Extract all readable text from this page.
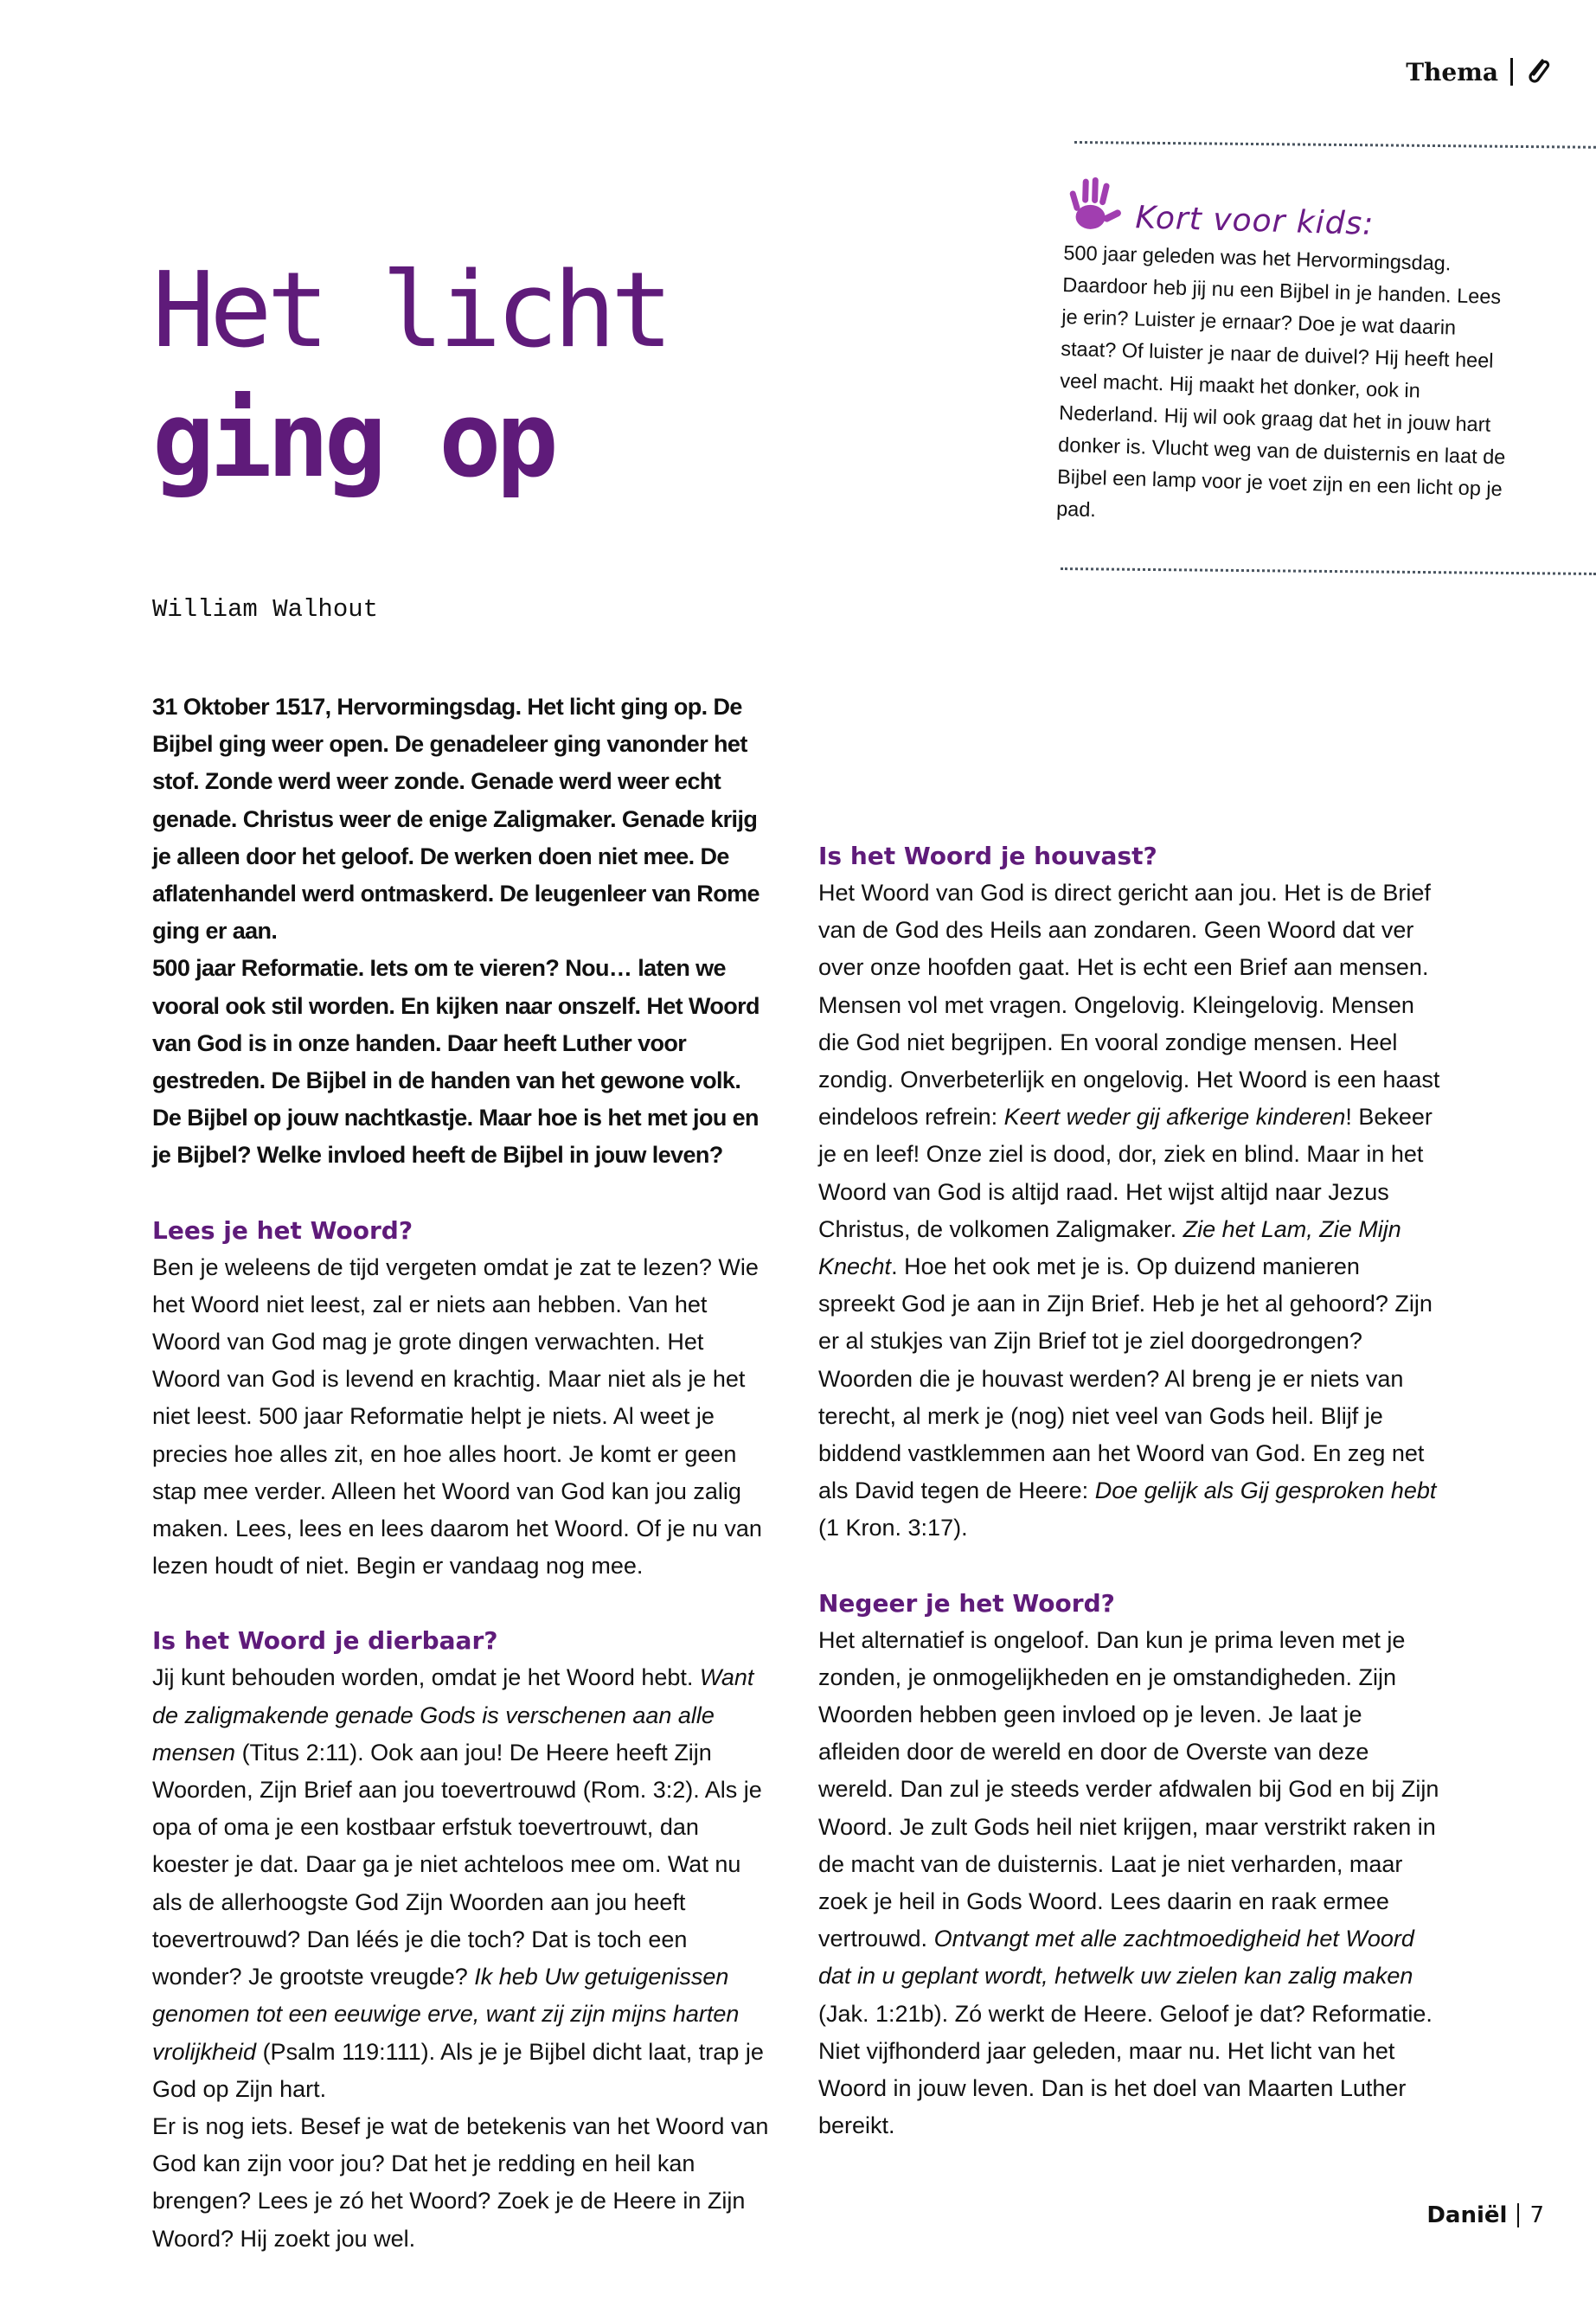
Thema
Het licht
ging op
William Walhout
Kort voor kids:

500 jaar geleden was het Hervormingsdag. Daardoor heb jij nu een Bijbel in je handen. Lees je erin? Luister je ernaar? Doe je wat daarin staat? Of luister je naar de duivel? Hij heeft heel veel macht. Hij maakt het donker, ook in Nederland. Hij wil ook graag dat het in jouw hart donker is. Vlucht weg van de duisternis en laat de Bijbel een lamp voor je voet zijn en een licht op je pad.

31 Oktober 1517, Hervormingsdag. Het licht ging op. De Bijbel ging weer open. De genadeleer ging vanonder het stof. Zonde werd weer zonde. Genade werd weer echt genade. Christus weer de enige Zaligmaker. Genade krijg je alleen door het geloof. De werken doen niet mee. De aflatenhandel werd ontmaskerd. De leugenleer van Rome ging er aan.

500 jaar Reformatie. Iets om te vieren? Nou… laten we vooral ook stil worden. En kijken naar onszelf. Het Woord van God is in onze handen. Daar heeft Luther voor gestreden. De Bijbel in de handen van het gewone volk. De Bijbel op jouw nachtkastje. Maar hoe is het met jou en je Bijbel? Welke invloed heeft de Bijbel in jouw leven?

Lees je het Woord?

Ben je weleens de tijd vergeten omdat je zat te lezen? Wie het Woord niet leest, zal er niets aan hebben. Van het Woord van God mag je grote dingen verwachten. Het Woord van God is levend en krachtig. Maar niet als je het niet leest. 500 jaar Reformatie helpt je niets. Al weet je precies hoe alles zit, en hoe alles hoort. Je komt er geen stap mee verder. Alleen het Woord van God kan jou zalig maken. Lees, lees en lees daarom het Woord. Of je nu van lezen houdt of niet. Begin er vandaag nog mee.

Is het Woord je dierbaar?

Jij kunt behouden worden, omdat je het Woord hebt. Want de zaligmakende genade Gods is verschenen aan alle mensen (Titus 2:11). Ook aan jou! De Heere heeft Zijn Woorden, Zijn Brief aan jou toevertrouwd (Rom. 3:2). Als je opa of oma je een kostbaar erfstuk toevertrouwt, dan koester je dat. Daar ga je niet achteloos mee om. Wat nu als de allerhoogste God Zijn Woorden aan jou heeft toevertrouwd? Dan léés je die toch? Dat is toch een wonder? Je grootste vreugde? Ik heb Uw getuigenissen genomen tot een eeuwige erve, want zij zijn mijns harten vrolijkheid (Psalm 119:111). Als je je Bijbel dicht laat, trap je God op Zijn hart.

Er is nog iets. Besef je wat de betekenis van het Woord van God kan zijn voor jou? Dat het je redding en heil kan brengen? Lees je zó het Woord? Zoek je de Heere in Zijn Woord? Hij zoekt jou wel.

Daniël 7
Is het Woord je houvast?

Het Woord van God is direct gericht aan jou. Het is de Brief van de God des Heils aan zondaren. Geen Woord dat ver over onze hoofden gaat. Het is echt een Brief aan mensen. Mensen vol met vragen. Ongelovig. Kleingelovig. Mensen die God niet begrijpen. En vooral zondige mensen. Heel zondig. Onverbeterlijk en ongelovig. Het Woord is een haast eindeloos refrein: Keert weder gij afkerige kinderen! Bekeer je en leef! Onze ziel is dood, dor, ziek en blind. Maar in het Woord van God is altijd raad. Het wijst altijd naar Jezus Christus, de volkomen Zaligmaker. Zie het Lam, Zie Mijn Knecht. Hoe het ook met je is. Op duizend manieren spreekt God je aan in Zijn Brief. Heb je het al gehoord? Zijn er al stukjes van Zijn Brief tot je ziel doorgedrongen? Woorden die je houvast werden? Al breng je er niets van terecht, al merk je (nog) niet veel van Gods heil. Blijf je biddend vastklemmen aan het Woord van God. En zeg net als David tegen de Heere: Doe gelijk als Gij gesproken hebt (1 Kron. 3:17).

Negeer je het Woord?

Het alternatief is ongeloof. Dan kun je prima leven met je zonden, je onmogelijkheden en je omstandigheden. Zijn Woorden hebben geen invloed op je leven. Je laat je afleiden door de wereld en door de Overste van deze wereld. Dan zul je steeds verder afdwalen bij God en bij Zijn Woord. Je zult Gods heil niet krijgen, maar verstrikt raken in de macht van de duisternis. Laat je niet verharden, maar zoek je heil in Gods Woord. Lees daarin en raak ermee vertrouwd. Ontvangt met alle zachtmoedigheid het Woord dat in u geplant wordt, hetwelk uw zielen kan zalig maken (Jak. 1:21b). Zó werkt de Heere. Geloof je dat? Reformatie. Niet vijfhonderd jaar geleden, maar nu. Het licht van het Woord in jouw leven. Dan is het doel van Maarten Luther bereikt.
